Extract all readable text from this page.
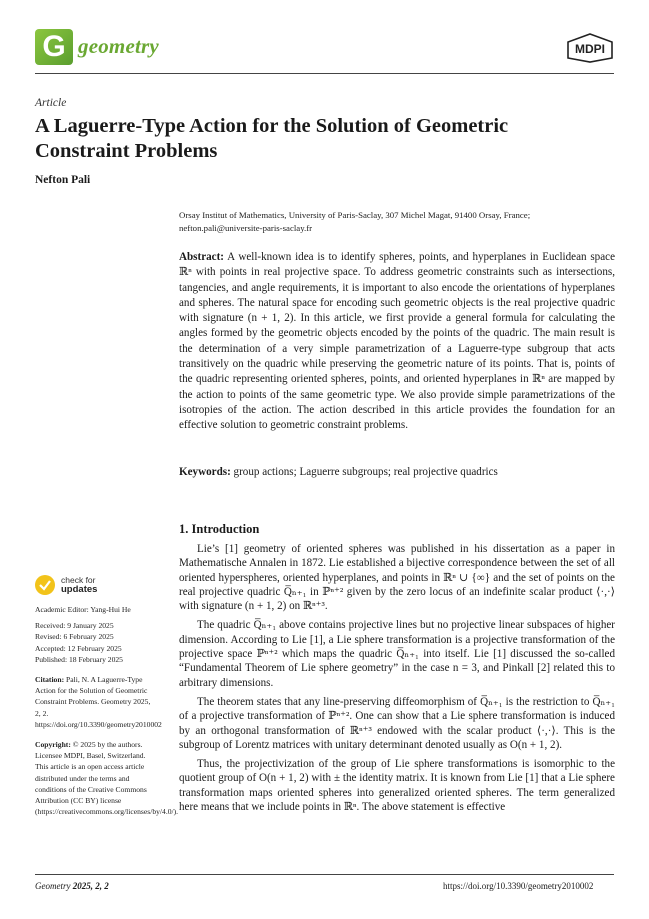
G geometry	MDPI
Article
A Laguerre-Type Action for the Solution of Geometric Constraint Problems
Nefton Pali
Orsay Institut of Mathematics, University of Paris-Saclay, 307 Michel Magat, 91400 Orsay, France;
nefton.pali@universite-paris-saclay.fr
Abstract: A well-known idea is to identify spheres, points, and hyperplanes in Euclidean space ℝⁿ with points in real projective space. To address geometric constraints such as intersections, tangencies, and angle requirements, it is important to also encode the orientations of hyperplanes and spheres. The natural space for encoding such geometric objects is the real projective quadric with signature (n + 1, 2). In this article, we first provide a general formula for calculating the angles formed by the geometric objects encoded by the points of the quadric. The main result is the determination of a very simple parametrization of a Laguerre-type subgroup that acts transitively on the quadric while preserving the geometric nature of its points. That is, points of the quadric representing oriented spheres, points, and oriented hyperplanes in ℝⁿ are mapped by the action to points of the same geometric type. We also provide simple parametrizations of the isotropies of the action. The action described in this article provides the foundation for an effective solution to geometric constraint problems.
Keywords: group actions; Laguerre subgroups; real projective quadrics
check for
updates
Academic Editor: Yang-Hui He
Received: 9 January 2025
Revised: 6 February 2025
Accepted: 12 February 2025
Published: 18 February 2025
Citation: Pali, N. A Laguerre-Type Action for the Solution of Geometric Constraint Problems. Geometry 2025, 2, 2. https://doi.org/10.3390/geometry2010002
Copyright: © 2025 by the authors. Licensee MDPI, Basel, Switzerland. This article is an open access article distributed under the terms and conditions of the Creative Commons Attribution (CC BY) license (https://creativecommons.org/licenses/by/4.0/).
1. Introduction

Lie’s [1] geometry of oriented spheres was published in his dissertation as a paper in Mathematische Annalen in 1872. Lie established a bijective correspondence between the set of all oriented hyperspheres, oriented hyperplanes, and points in ℝⁿ ∪ {∞} and the set of points on the real projective quadric Q̅ₙ₊₁ in ℙⁿ⁺² given by the zero locus of an indefinite scalar product ⟨·,·⟩ with signature (n + 1, 2) on ℝⁿ⁺³.

The quadric Q̅ₙ₊₁ above contains projective lines but no projective linear subspaces of higher dimension. According to Lie [1], a Lie sphere transformation is a projective transformation of the projective space ℙⁿ⁺² which maps the quadric Q̅ₙ₊₁ into itself. Lie [1] discussed the so-called “Fundamental Theorem of Lie sphere geometry” in the case n = 3, and Pinkall [2] related this to arbitrary dimensions.

The theorem states that any line-preserving diffeomorphism of Q̅ₙ₊₁ is the restriction to Q̅ₙ₊₁ of a projective transformation of ℙⁿ⁺². One can show that a Lie sphere transformation is induced by an orthogonal transformation of ℝⁿ⁺³ endowed with the scalar product ⟨·,·⟩. This is the subgroup of Lorentz matrices with unitary determinant denoted usually as O(n + 1, 2).

Thus, the projectivization of the group of Lie sphere transformations is isomorphic to the quotient group of O(n + 1, 2) with ± the identity matrix. It is known from Lie [1] that a Lie sphere transformation maps oriented spheres into generalized oriented spheres. The term generalized here means that we include points in ℝⁿ. The above statement is effective

Geometry 2025, 2, 2	https://doi.org/10.3390/geometry2010002
